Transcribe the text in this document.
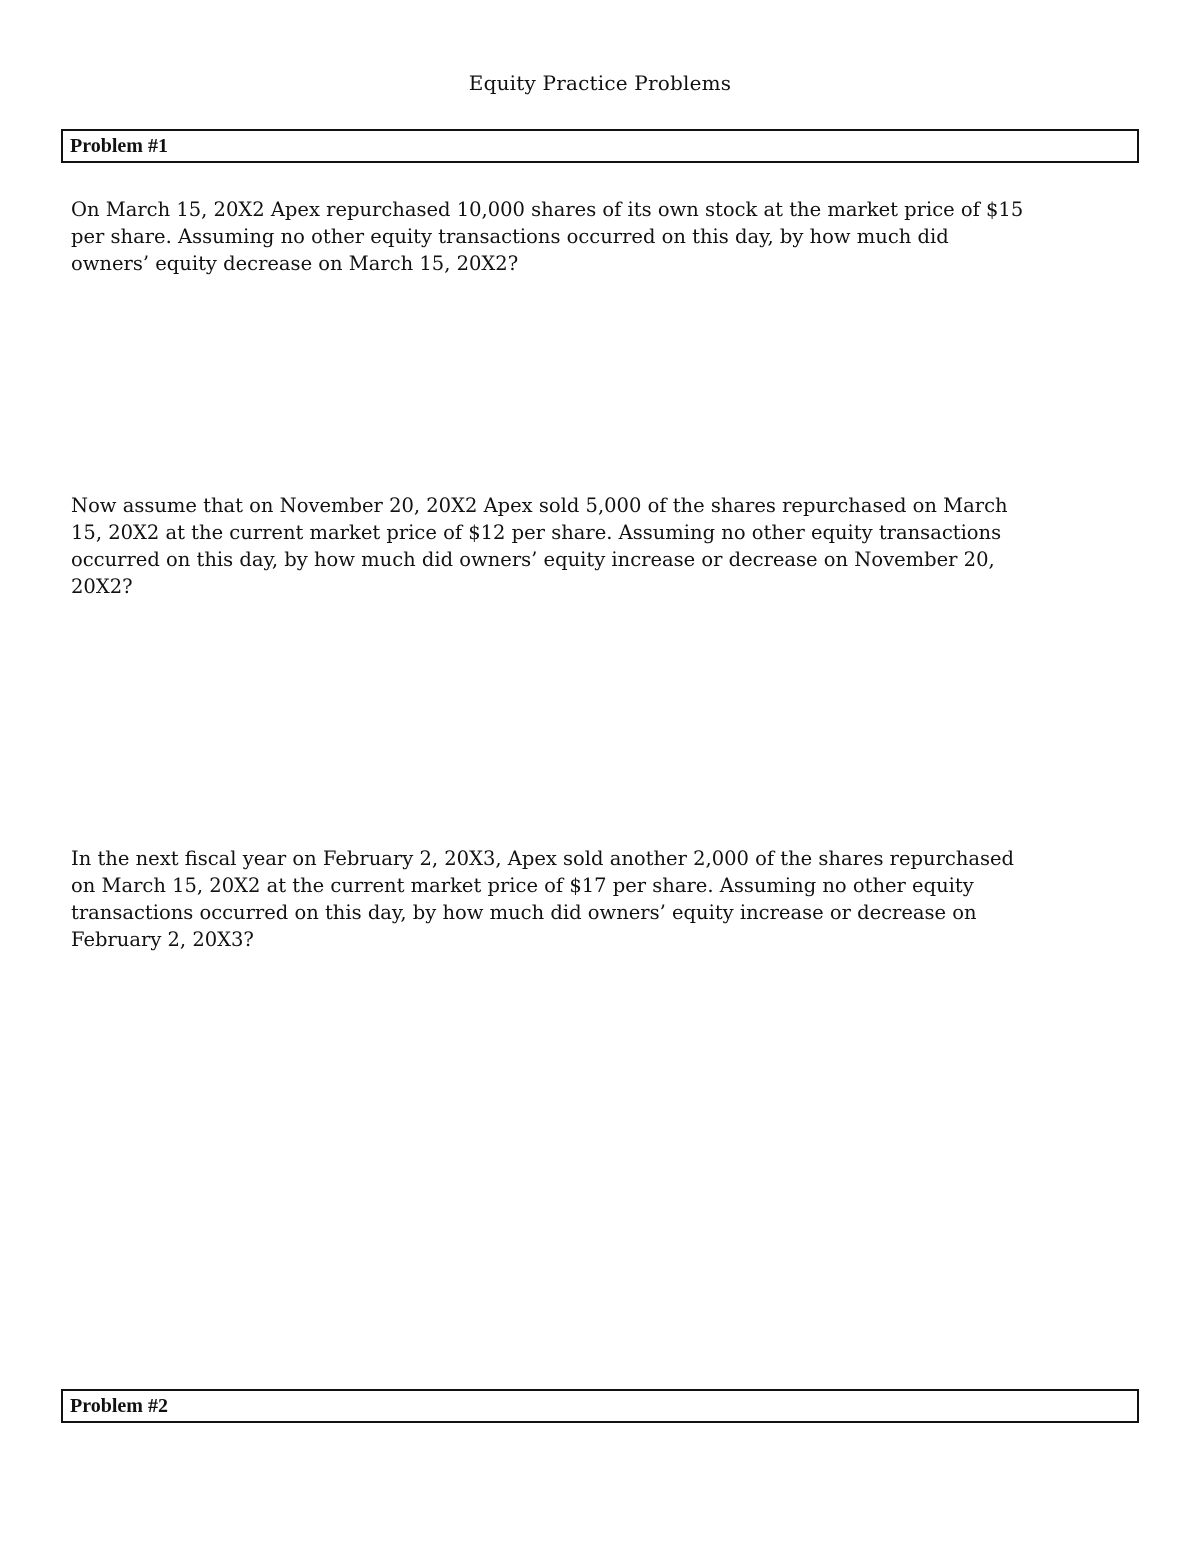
Equity Practice Problems
Problem #1

On March 15, 20X2 Apex repurchased 10,000 shares of its own stock at the market price of $15
per share. Assuming no other equity transactions occurred on this day, by how much did
owners’ equity decrease on March 15, 20X2?

Now assume that on November 20, 20X2 Apex sold 5,000 of the shares repurchased on March
15, 20X2 at the current market price of $12 per share. Assuming no other equity transactions
occurred on this day, by how much did owners’ equity increase or decrease on November 20,
20X2?

In the next fiscal year on February 2, 20X3, Apex sold another 2,000 of the shares repurchased
on March 15, 20X2 at the current market price of $17 per share. Assuming no other equity
transactions occurred on this day, by how much did owners’ equity increase or decrease on
February 2, 20X3?

Problem #2
